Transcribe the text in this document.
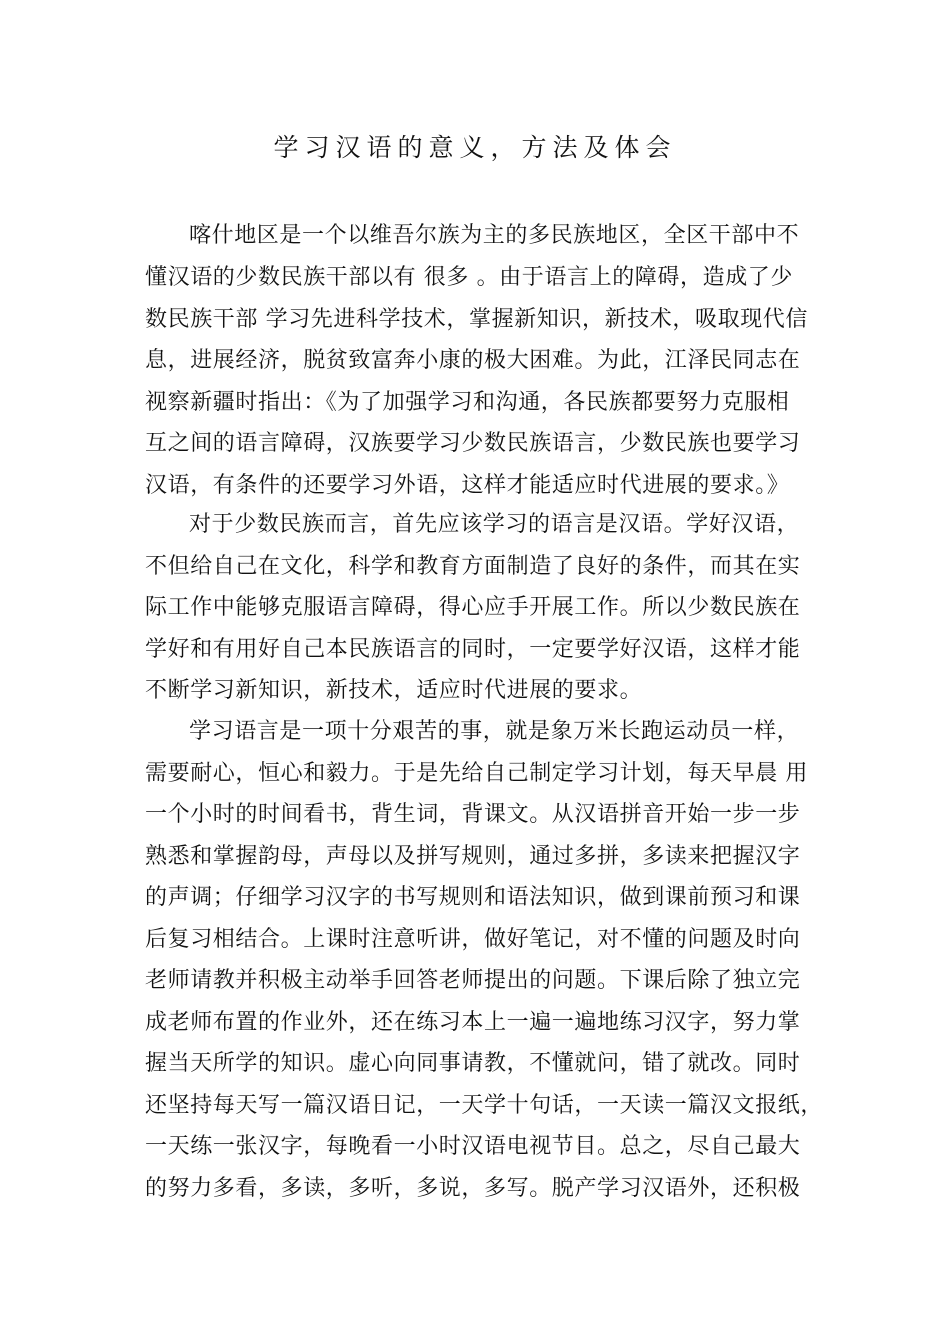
学习汉语的意义，方法及体会
喀什地区是一个以维吾尔族为主的多民族地区，全区干部中不
懂汉语的少数民族干部以有 很多 。由于语言上的障碍，造成了少
数民族干部 学习先进科学技术，掌握新知识，新技术，吸取现代信
息，进展经济，脱贫致富奔小康的极大困难。为此，江泽民同志在
视察新疆时指出：《为了加强学习和沟通，各民族都要努力克服相
互之间的语言障碍，汉族要学习少数民族语言，少数民族也要学习
汉语，有条件的还要学习外语，这样才能适应时代进展的要求。》
对于少数民族而言，首先应该学习的语言是汉语。学好汉语，
不但给自己在文化，科学和教育方面制造了良好的条件，而其在实
际工作中能够克服语言障碍，得心应手开展工作。所以少数民族在
学好和有用好自己本民族语言的同时，一定要学好汉语，这样才能
不断学习新知识，新技术，适应时代进展的要求。
学习语言是一项十分艰苦的事，就是象万米长跑运动员一样，
需要耐心，恒心和毅力。于是先给自己制定学习计划，每天早晨 用
一个小时的时间看书，背生词，背课文。从汉语拼音开始一步一步
熟悉和掌握韵母，声母以及拼写规则，通过多拼，多读来把握汉字
的声调；仔细学习汉字的书写规则和语法知识，做到课前预习和课
后复习相结合。上课时注意听讲，做好笔记，对不懂的问题及时向
老师请教并积极主动举手回答老师提出的问题。下课后除了独立完
成老师布置的作业外，还在练习本上一遍一遍地练习汉字，努力掌
握当天所学的知识。虚心向同事请教，不懂就问，错了就改。同时
还坚持每天写一篇汉语日记，一天学十句话，一天读一篇汉文报纸，
一天练一张汉字，每晚看一小时汉语电视节目。总之，尽自己最大
的努力多看，多读，多听，多说，多写。脱产学习汉语外，还积极
